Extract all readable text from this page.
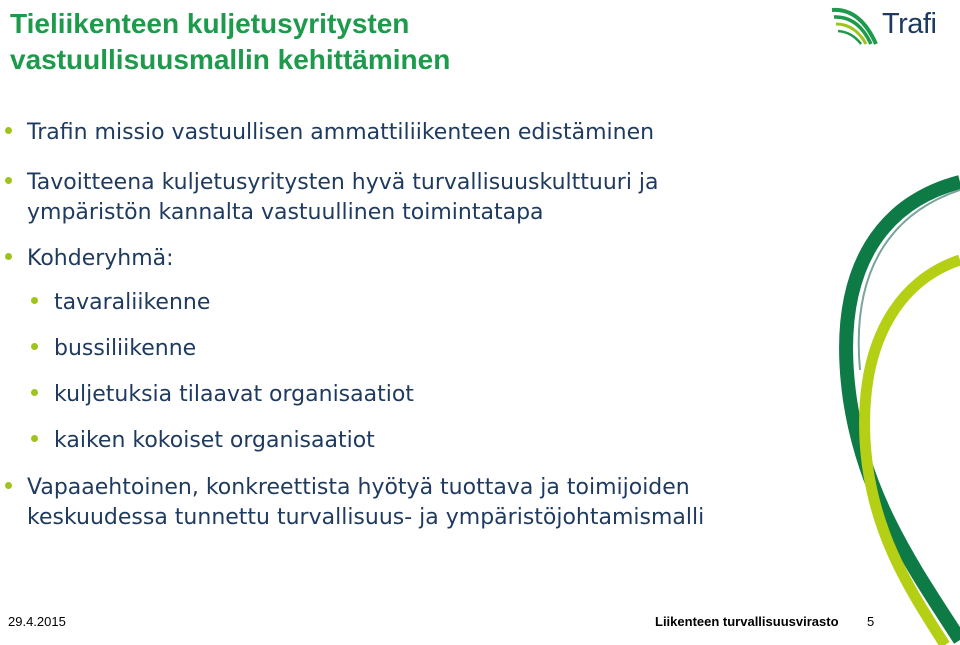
Tieliikenteen kuljetusyritysten
vastuullisuusmallin kehittäminen
Trafi
Trafin missio vastuullisen ammattiliikenteen edistäminen
Tavoitteena kuljetusyritysten hyvä turvallisuuskulttuuri ja
ympäristön kannalta vastuullinen toimintatapa
Kohderyhmä:
tavaraliikenne
bussiliikenne
kuljetuksia tilaavat organisaatiot
kaiken kokoiset organisaatiot
Vapaaehtoinen, konkreettista hyötyä tuottava ja toimijoiden
keskuudessa tunnettu turvallisuus- ja ympäristöjohtamismalli
29.4.2015	Liikenteen turvallisuusvirasto 5
